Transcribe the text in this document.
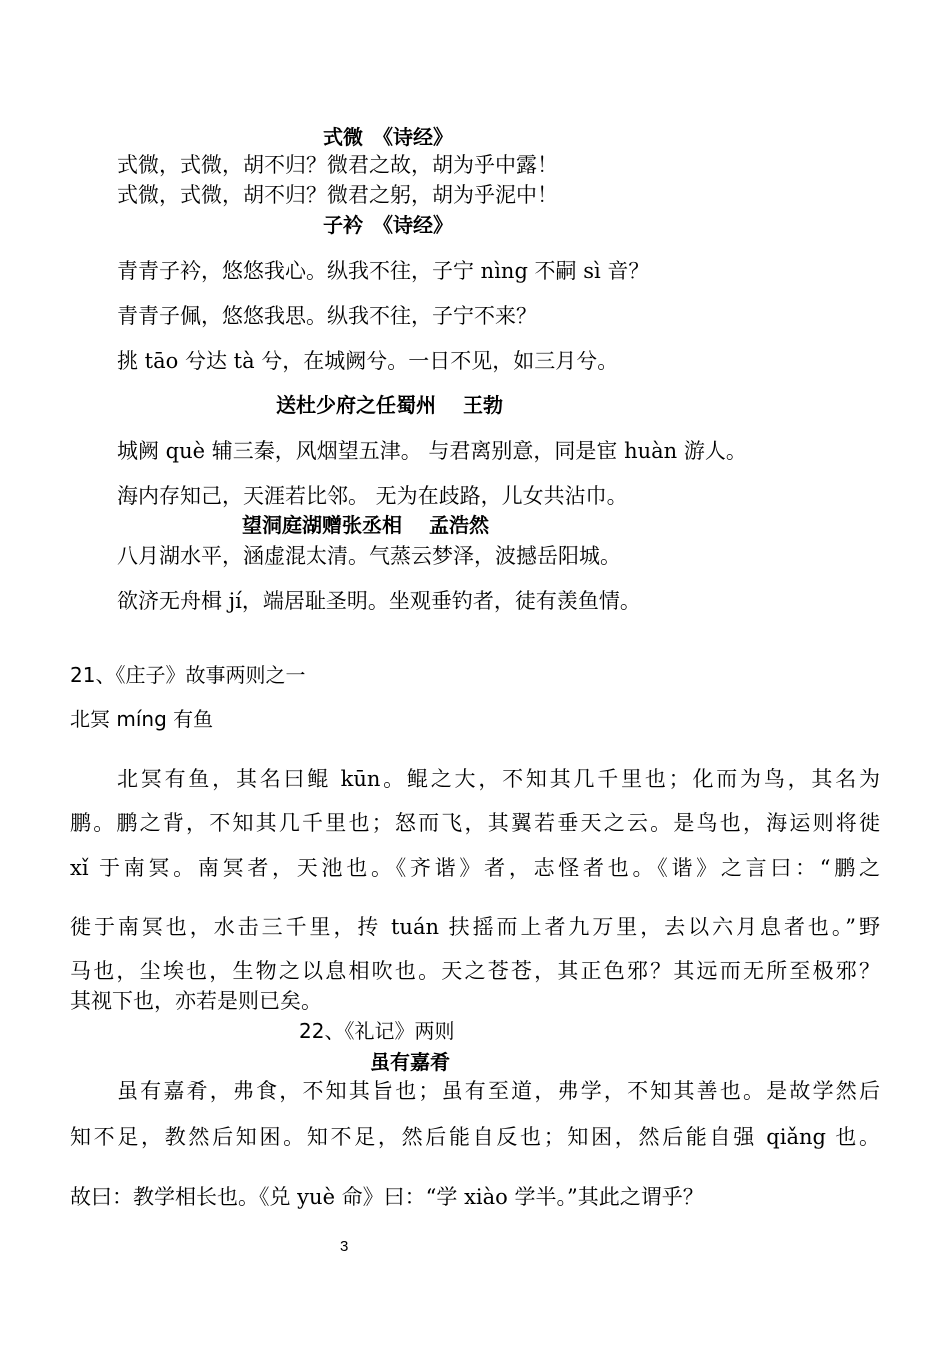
式微　《诗经》
式微，式微，胡不归？微君之故，胡为乎中露！
式微，式微，胡不归？微君之躬，胡为乎泥中！
子衿　《诗经》
青青子衿，悠悠我心。纵我不往，子宁 nìng 不嗣 sì 音？
青青子佩，悠悠我思。纵我不往，子宁不来？
挑 tāo 兮达 tà 兮，在城阙兮。一日不见，如三月兮。
送杜少府之任蜀州　 王勃
城阙 què 辅三秦，风烟望五津。 与君离别意，同是宦 huàn 游人。
海内存知己，天涯若比邻。 无为在歧路，儿女共沾巾。
望洞庭湖赠张丞相　 孟浩然
八月湖水平，涵虚混太清。气蒸云梦泽，波撼岳阳城。
欲济无舟楫 jí，端居耻圣明。坐观垂钓者，徒有羡鱼情。
21、《庄子》故事两则之一
北冥 míng 有鱼
北冥有鱼，其名曰鲲 kūn。鲲之大，不知其几千里也；化而为鸟，其名为
鹏。鹏之背，不知其几千里也；怒而飞，其翼若垂天之云。是鸟也，海运则将徙
xǐ 于南冥。南冥者，天池也。《齐谐》者，志怪者也。《谐》之言曰：“鹏之
徙于南冥也，水击三千里，抟 tuán 扶摇而上者九万里，去以六月息者也。”野
马也，尘埃也，生物之以息相吹也。天之苍苍，其正色邪？其远而无所至极邪？
其视下也，亦若是则已矣。
22、《礼记》两则
虽有嘉肴
虽有嘉肴，弗食，不知其旨也；虽有至道，弗学，不知其善也。是故学然后
知不足，教然后知困。知不足，然后能自反也；知困，然后能自强 qiǎng 也。
故曰：教学相长也。《兑 yuè 命》曰：“学 xiào 学半。”其此之谓乎？
3
